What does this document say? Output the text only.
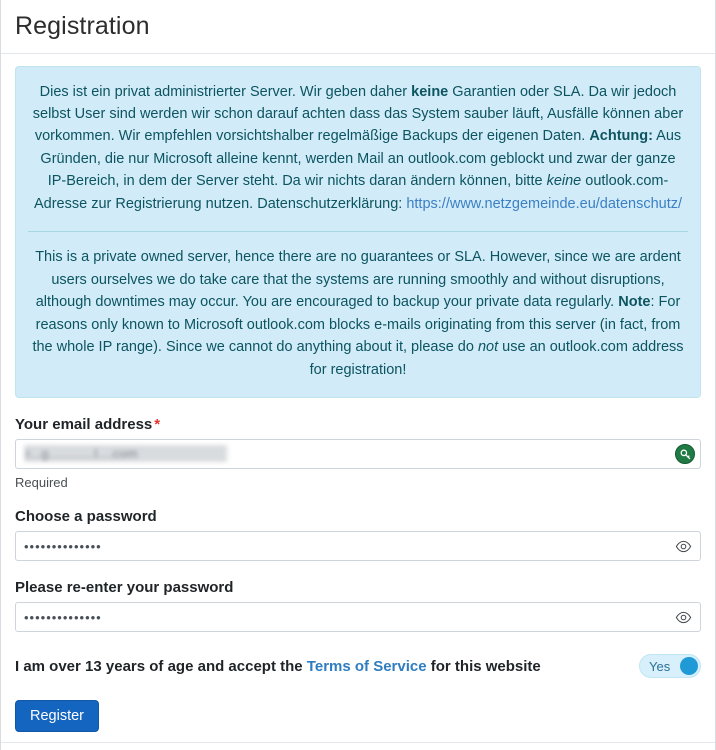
Registration

Dies ist ein privat administrierter Server. Wir geben daher keine Garantien oder SLA. Da wir jedoch selbst User sind werden wir schon darauf achten dass das System sauber läuft, Ausfälle können aber vorkommen. Wir empfehlen vorsichtshalber regelmäßige Backups der eigenen Daten. Achtung: Aus Gründen, die nur Microsoft alleine kennt, werden Mail an outlook.com geblockt und zwar der ganze IP-Bereich, in dem der Server steht. Da wir nichts daran ändern können, bitte keine outlook.com-Adresse zur Registrierung nutzen. Datenschutzerklärung: https://www.netzgemeinde.eu/datenschutz/

This is a private owned server, hence there are no guarantees or SLA. However, since we are ardent users ourselves we do take care that the systems are running smoothly and without disruptions, although downtimes may occur. You are encouraged to backup your private data regularly. Note: For reasons only known to Microsoft outlook.com blocks e-mails originating from this server (in fact, from the whole IP range). Since we cannot do anything about it, please do not use an outlook.com address for registration!

Your email address *
r...g............l....com
Required
Choose a password
••••••••••••••
Please re-enter your password
••••••••••••••
I am over 13 years of age and accept the Terms of Service for this website	Yes
Register
